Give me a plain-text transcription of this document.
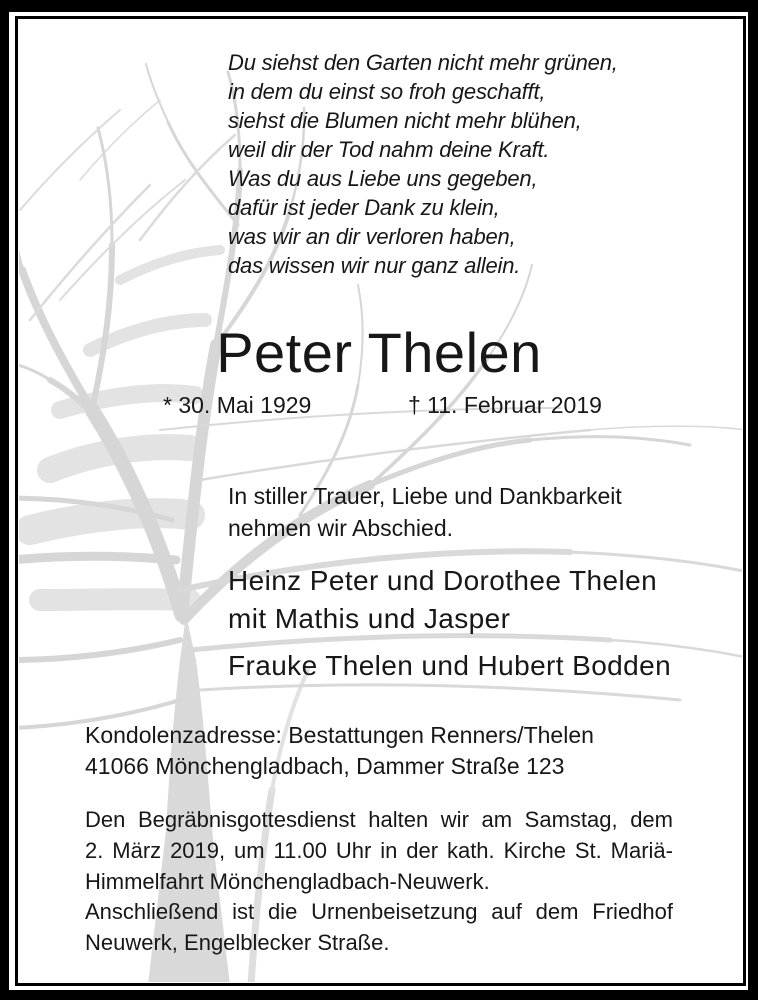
Du siehst den Garten nicht mehr grünen,
in dem du einst so froh geschafft,
siehst die Blumen nicht mehr blühen,
weil dir der Tod nahm deine Kraft.
Was du aus Liebe uns gegeben,
dafür ist jeder Dank zu klein,
was wir an dir verloren haben,
das wissen wir nur ganz allein.
Peter Thelen
* 30. Mai 1929	† 11. Februar 2019
In stiller Trauer, Liebe und Dankbarkeit
nehmen wir Abschied.
Heinz Peter und Dorothee Thelen
mit Mathis und Jasper
Frauke Thelen und Hubert Bodden
Kondolenzadresse: Bestattungen Renners/Thelen
41066 Mönchengladbach, Dammer Straße 123
Den Begräbnisgottesdienst halten wir am Samstag, dem
2. März 2019, um 11.00 Uhr in der kath. Kirche St. Mariä-
Himmelfahrt Mönchengladbach-Neuwerk.
Anschließend ist die Urnenbeisetzung auf dem Friedhof
Neuwerk, Engelblecker Straße.
